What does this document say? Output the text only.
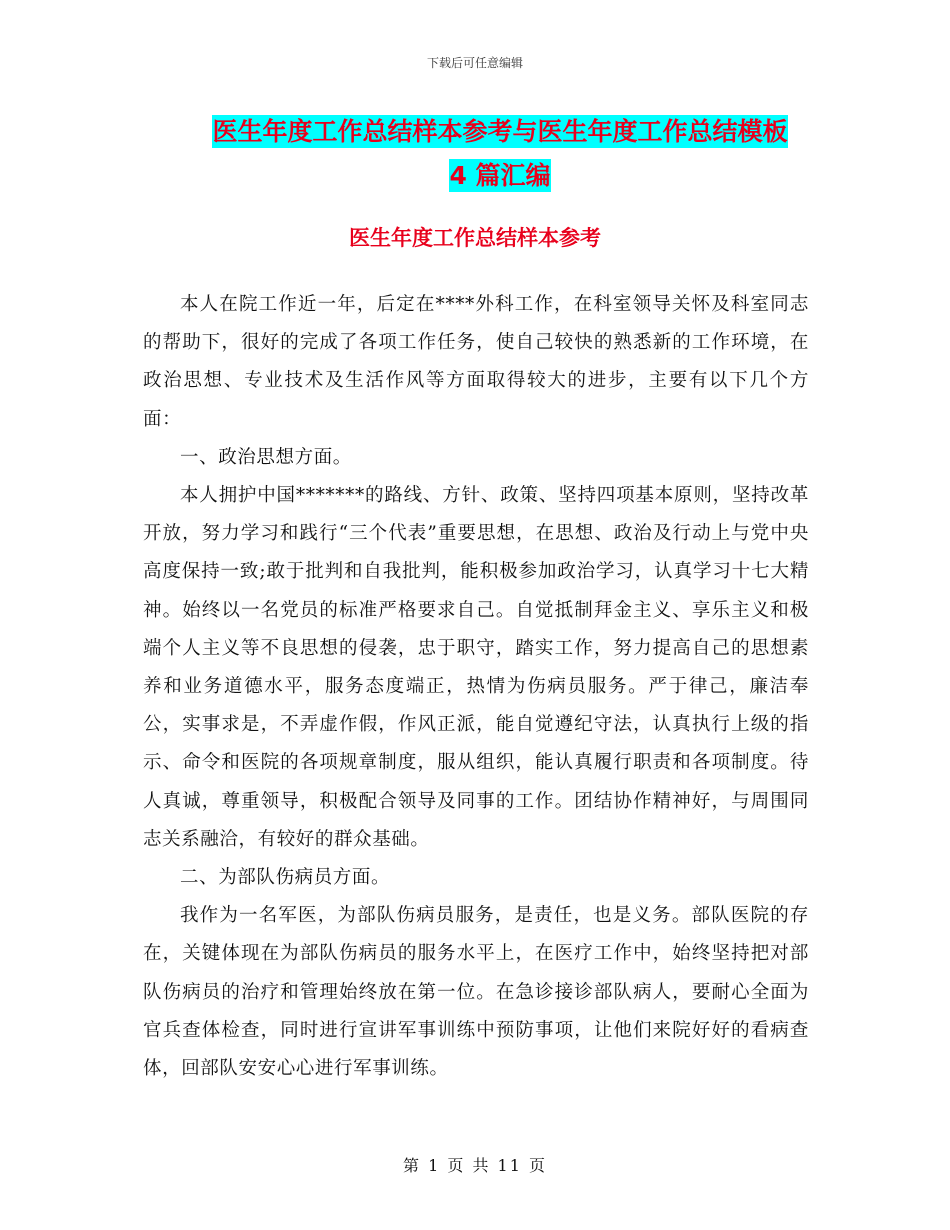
下载后可任意编辑
医生年度工作总结样本参考与医生年度工作总结模板
4 篇汇编
医生年度工作总结样本参考

本人在院工作近一年，后定在****外科工作，在科室领导关怀及科室同志的帮助下，很好的完成了各项工作任务，使自己较快的熟悉新的工作环境，在政治思想、专业技术及生活作风等方面取得较大的进步，主要有以下几个方面：

一、政治思想方面。

本人拥护中国*******的路线、方针、政策、坚持四项基本原则，坚持改革开放，努力学习和践行“三个代表”重要思想，在思想、政治及行动上与党中央高度保持一致;敢于批判和自我批判，能积极参加政治学习，认真学习十七大精神。始终以一名党员的标准严格要求自己。自觉抵制拜金主义、享乐主义和极端个人主义等不良思想的侵袭，忠于职守，踏实工作，努力提高自己的思想素养和业务道德水平，服务态度端正，热情为伤病员服务。严于律己，廉洁奉公，实事求是，不弄虚作假，作风正派，能自觉遵纪守法，认真执行上级的指示、命令和医院的各项规章制度，服从组织，能认真履行职责和各项制度。待人真诚，尊重领导，积极配合领导及同事的工作。团结协作精神好，与周围同志关系融洽，有较好的群众基础。

二、为部队伤病员方面。

我作为一名军医，为部队伤病员服务，是责任，也是义务。部队医院的存在，关键体现在为部队伤病员的服务水平上，在医疗工作中，始终坚持把对部队伤病员的治疗和管理始终放在第一位。在急诊接诊部队病人，要耐心全面为官兵查体检查，同时进行宣讲军事训练中预防事项，让他们来院好好的看病查体，回部队安安心心进行军事训练。

第 1 页 共 11 页
